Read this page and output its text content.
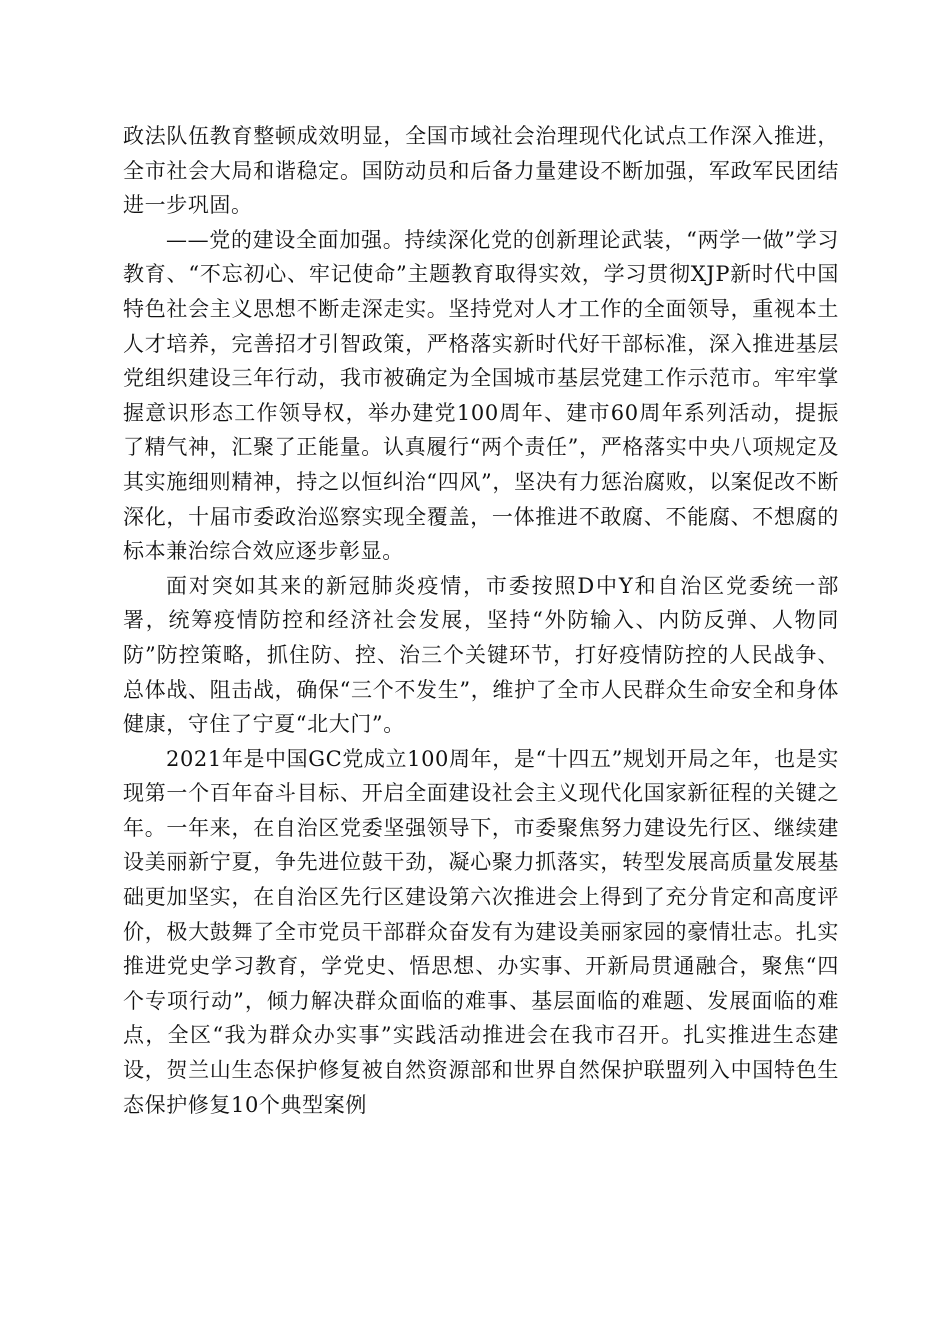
政法队伍教育整顿成效明显，全国市域社会治理现代化试点工作深入推进，全市社会大局和谐稳定。国防动员和后备力量建设不断加强，军政军民团结进一步巩固。

——党的建设全面加强。持续深化党的创新理论武装，“两学一做”学习教育、“不忘初心、牢记使命”主题教育取得实效，学习贯彻XJP新时代中国特色社会主义思想不断走深走实。坚持党对人才工作的全面领导，重视本土人才培养，完善招才引智政策，严格落实新时代好干部标准，深入推进基层党组织建设三年行动，我市被确定为全国城市基层党建工作示范市。牢牢掌握意识形态工作领导权，举办建党100周年、建市60周年系列活动，提振了精气神，汇聚了正能量。认真履行“两个责任”，严格落实中央八项规定及其实施细则精神，持之以恒纠治“四风”，坚决有力惩治腐败，以案促改不断深化，十届市委政治巡察实现全覆盖，一体推进不敢腐、不能腐、不想腐的标本兼治综合效应逐步彰显。

面对突如其来的新冠肺炎疫情，市委按照D中Y和自治区党委统一部署，统筹疫情防控和经济社会发展，坚持“外防输入、内防反弹、人物同防”防控策略，抓住防、控、治三个关键环节，打好疫情防控的人民战争、总体战、阻击战，确保“三个不发生”，维护了全市人民群众生命安全和身体健康，守住了宁夏“北大门”。

2021年是中国GC党成立100周年，是“十四五”规划开局之年，也是实现第一个百年奋斗目标、开启全面建设社会主义现代化国家新征程的关键之年。一年来，在自治区党委坚强领导下，市委聚焦努力建设先行区、继续建设美丽新宁夏，争先进位鼓干劲，凝心聚力抓落实，转型发展高质量发展基础更加坚实，在自治区先行区建设第六次推进会上得到了充分肯定和高度评价，极大鼓舞了全市党员干部群众奋发有为建设美丽家园的豪情壮志。扎实推进党史学习教育，学党史、悟思想、办实事、开新局贯通融合，聚焦“四个专项行动”，倾力解决群众面临的难事、基层面临的难题、发展面临的难点，全区“我为群众办实事”实践活动推进会在我市召开。扎实推进生态建设，贺兰山生态保护修复被自然资源部和世界自然保护联盟列入中国特色生态保护修复10个典型案例
